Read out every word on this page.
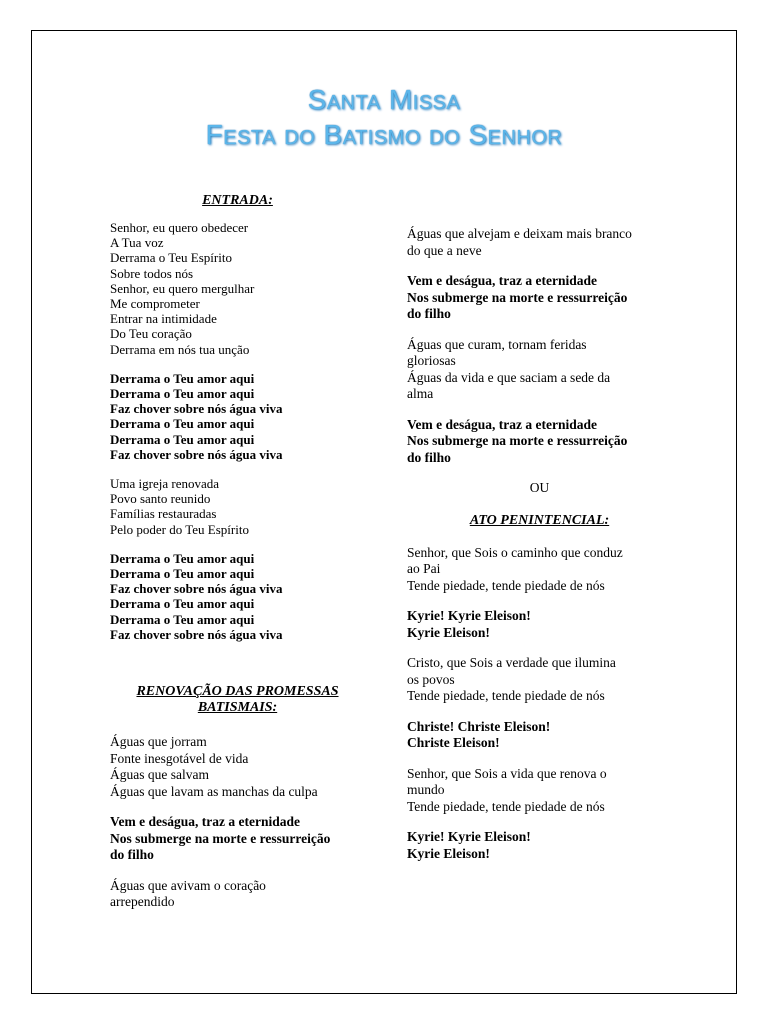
Santa Missa
Festa do Batismo do Senhor
ENTRADA:
Senhor, eu quero obedecer
A Tua voz
Derrama o Teu Espírito
Sobre todos nós
Senhor, eu quero mergulhar
Me comprometer
Entrar na intimidade
Do Teu coração
Derrama em nós tua unção
Derrama o Teu amor aqui
Derrama o Teu amor aqui
Faz chover sobre nós água viva
Derrama o Teu amor aqui
Derrama o Teu amor aqui
Faz chover sobre nós água viva
Uma igreja renovada
Povo santo reunido
Famílias restauradas
Pelo poder do Teu Espírito
Derrama o Teu amor aqui
Derrama o Teu amor aqui
Faz chover sobre nós água viva
Derrama o Teu amor aqui
Derrama o Teu amor aqui
Faz chover sobre nós água viva
RENOVAÇÃO DAS PROMESSAS
BATISMAIS:
Águas que jorram
Fonte inesgotável de vida
Águas que salvam
Águas que lavam as manchas da culpa
Vem e deságua, traz a eternidade
Nos submerge na morte e ressurreição
do filho
Águas que avivam o coração
arrependido
Águas que alvejam e deixam mais branco
do que a neve
Vem e deságua, traz a eternidade
Nos submerge na morte e ressurreição
do filho
Águas que curam, tornam feridas
gloriosas
Águas da vida e que saciam a sede da
alma
Vem e deságua, traz a eternidade
Nos submerge na morte e ressurreição
do filho
OU
ATO PENINTENCIAL:
Senhor, que Sois o caminho que conduz
ao Pai
Tende piedade, tende piedade de nós
Kyrie! Kyrie Eleison!
Kyrie Eleison!
Cristo, que Sois a verdade que ilumina
os povos
Tende piedade, tende piedade de nós
Christe! Christe Eleison!
Christe Eleison!
Senhor, que Sois a vida que renova o
mundo
Tende piedade, tende piedade de nós
Kyrie! Kyrie Eleison!
Kyrie Eleison!
